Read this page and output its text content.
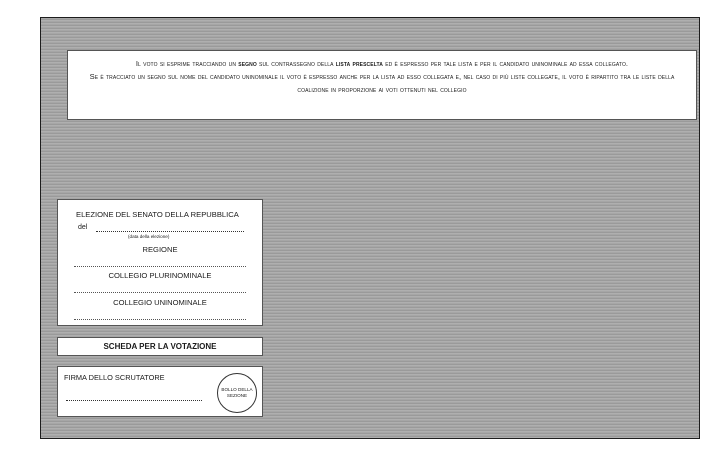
Il voto si esprime tracciando un segno sul contrassegno della lista prescelta ed è espresso per tale lista e per il candidato uninominale ad essa collegato.
Se è tracciato un segno sul nome del candidato uninominale il voto è espresso anche per la lista ad esso collegata e, nel caso di più liste collegate, il voto è ripartito tra le liste della coalizione in proporzione ai voti ottenuti nel collegio
ELEZIONE DEL SENATO DELLA REPUBBLICA
del
(data della elezione)
REGIONE
COLLEGIO PLURINOMINALE
COLLEGIO UNINOMINALE
SCHEDA PER LA VOTAZIONE
FIRMA DELLO SCRUTATORE
BOLLO DELLA SEZIONE
